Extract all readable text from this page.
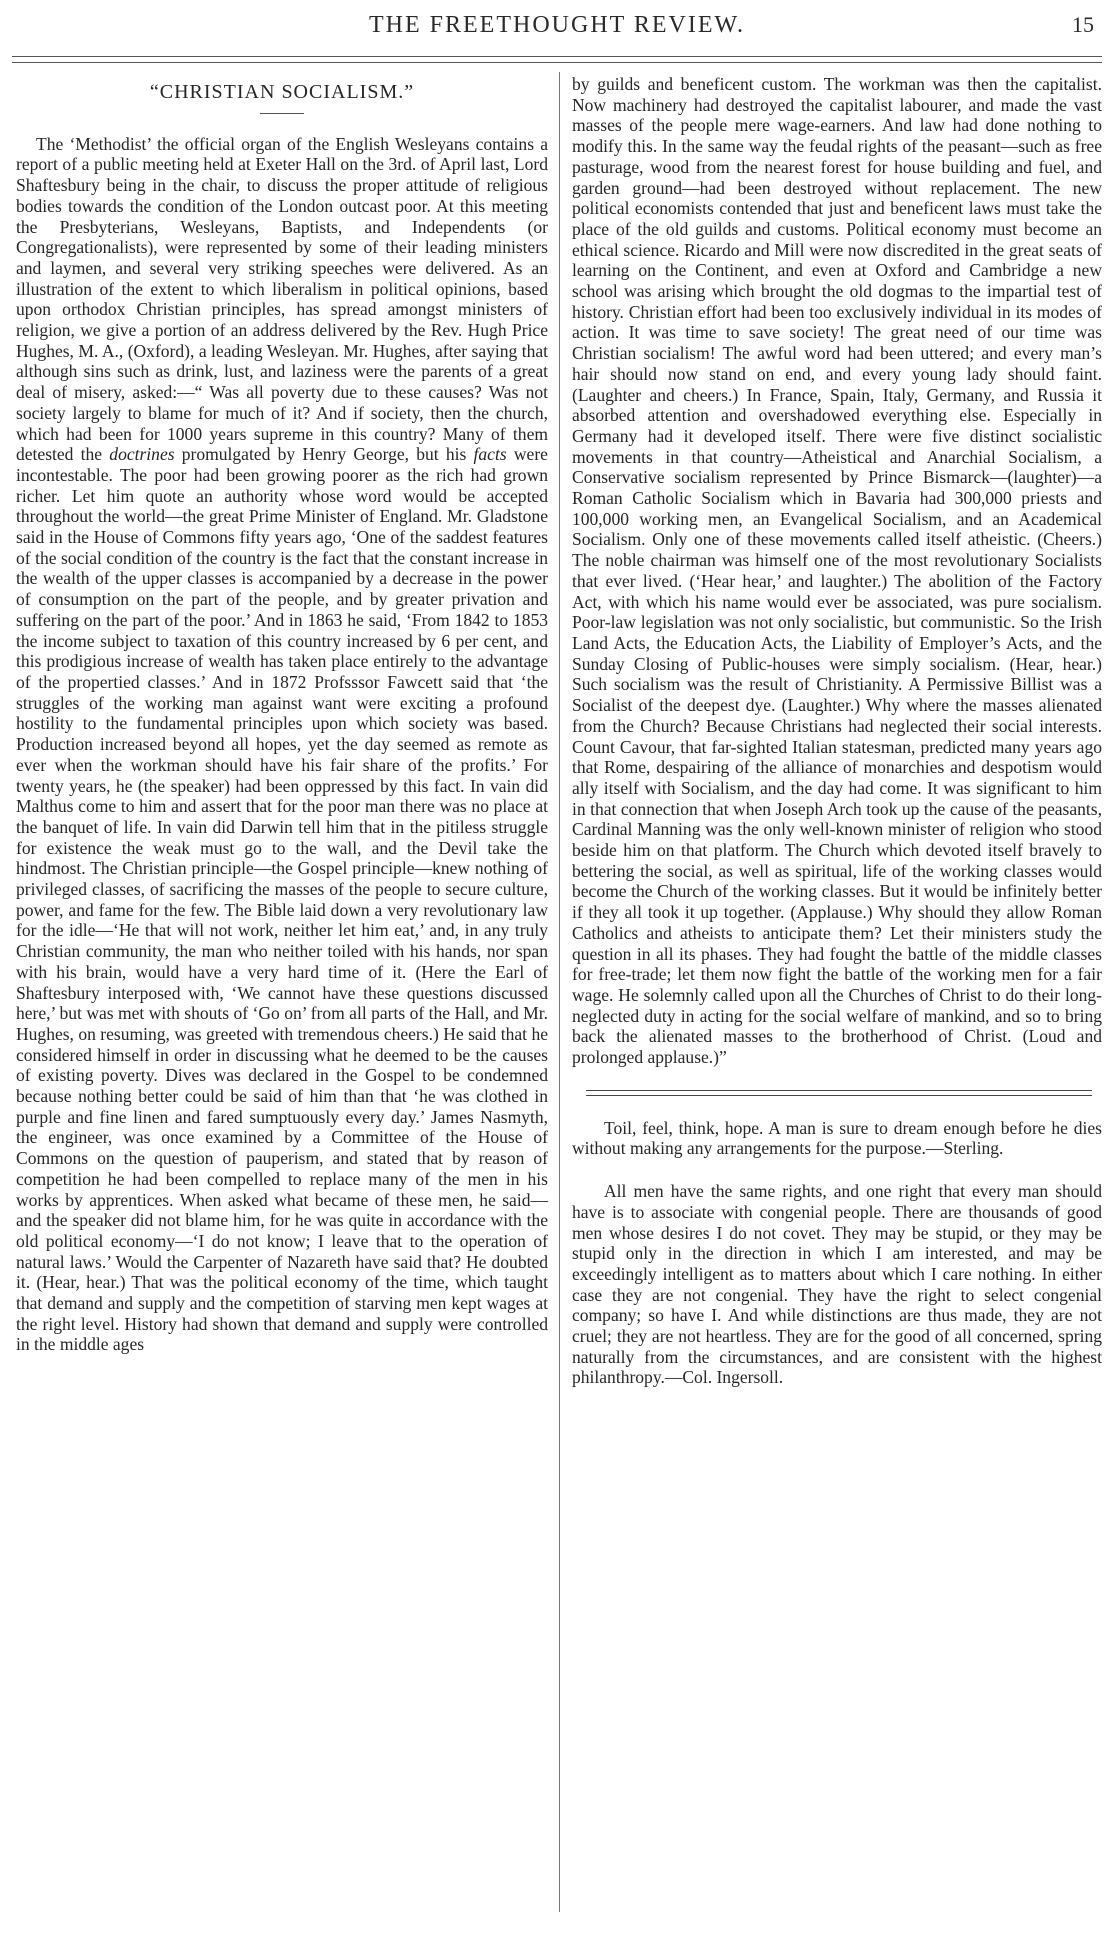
THE FREETHOUGHT REVIEW.	15
“CHRISTIAN SOCIALISM.”

The ‘Methodist’ the official organ of the English Wesleyans contains a report of a public meeting held at Exeter Hall on the 3rd. of April last, Lord Shaftesbury being in the chair, to discuss the proper attitude of religious bodies towards the condition of the London outcast poor. At this meeting the Presbyterians, Wesleyans, Baptists, and Independents (or Congregationalists), were represented by some of their leading ministers and laymen, and several very striking speeches were delivered. As an illustration of the extent to which liberalism in political opinions, based upon orthodox Christian principles, has spread amongst ministers of religion, we give a portion of an address delivered by the Rev. Hugh Price Hughes, M. A., (Oxford), a leading Wesleyan. Mr. Hughes, after saying that although sins such as drink, lust, and laziness were the parents of a great deal of misery, asked:—“ Was all poverty due to these causes? Was not society largely to blame for much of it? And if society, then the church, which had been for 1000 years supreme in this country? Many of them detested the doctrines promulgated by Henry George, but his facts were incontestable. The poor had been growing poorer as the rich had grown richer. Let him quote an authority whose word would be accepted throughout the world—the great Prime Minister of England. Mr. Gladstone said in the House of Commons fifty years ago, ‘One of the saddest features of the social condition of the country is the fact that the constant increase in the wealth of the upper classes is accompanied by a decrease in the power of consumption on the part of the people, and by greater privation and suffering on the part of the poor.’ And in 1863 he said, ‘From 1842 to 1853 the income subject to taxation of this country increased by 6 per cent, and this prodigious increase of wealth has taken place entirely to the advantage of the propertied classes.’ And in 1872 Profsssor Fawcett said that ‘the struggles of the working man against want were exciting a profound hostility to the fundamental principles upon which society was based. Production increased beyond all hopes, yet the day seemed as remote as ever when the workman should have his fair share of the profits.’ For twenty years, he (the speaker) had been oppressed by this fact. In vain did Malthus come to him and assert that for the poor man there was no place at the banquet of life. In vain did Darwin tell him that in the pitiless struggle for existence the weak must go to the wall, and the Devil take the hindmost. The Christian principle—the Gospel principle—knew nothing of privileged classes, of sacrificing the masses of the people to secure culture, power, and fame for the few. The Bible laid down a very revolutionary law for the idle—‘He that will not work, neither let him eat,’ and, in any truly Christian community, the man who neither toiled with his hands, nor span with his brain, would have a very hard time of it. (Here the Earl of Shaftesbury interposed with, ‘We cannot have these questions discussed here,’ but was met with shouts of ‘Go on’ from all parts of the Hall, and Mr. Hughes, on resuming, was greeted with tremendous cheers.) He said that he considered himself in order in discussing what he deemed to be the causes of existing poverty. Dives was declared in the Gospel to be condemned because nothing better could be said of him than that ‘he was clothed in purple and fine linen and fared sumptuously every day.’ James Nasmyth, the engineer, was once examined by a Committee of the House of Commons on the question of pauperism, and stated that by reason of competition he had been compelled to replace many of the men in his works by apprentices. When asked what became of these men, he said—and the speaker did not blame him, for he was quite in accordance with the old political economy—‘I do not know; I leave that to the operation of natural laws.’ Would the Carpenter of Nazareth have said that? He doubted it. (Hear, hear.) That was the political economy of the time, which taught that demand and supply and the competition of starving men kept wages at the right level. History had shown that demand and supply were controlled in the middle ages

by guilds and beneficent custom. The workman was then the capitalist. Now machinery had destroyed the capitalist labourer, and made the vast masses of the people mere wage-earners. And law had done nothing to modify this. In the same way the feudal rights of the peasant—such as free pasturage, wood from the nearest forest for house building and fuel, and garden ground—had been destroyed without replacement. The new political economists contended that just and beneficent laws must take the place of the old guilds and customs. Political economy must become an ethical science. Ricardo and Mill were now discredited in the great seats of learning on the Continent, and even at Oxford and Cambridge a new school was arising which brought the old dogmas to the impartial test of history. Christian effort had been too exclusively individual in its modes of action. It was time to save society! The great need of our time was Christian socialism! The awful word had been uttered; and every man’s hair should now stand on end, and every young lady should faint. (Laughter and cheers.) In France, Spain, Italy, Germany, and Russia it absorbed attention and overshadowed everything else. Especially in Germany had it developed itself. There were five distinct socialistic movements in that country—Atheistical and Anarchial Socialism, a Conservative socialism represented by Prince Bismarck—(laughter)—a Roman Catholic Socialism which in Bavaria had 300,000 priests and 100,000 working men, an Evangelical Socialism, and an Academical Socialism. Only one of these movements called itself atheistic. (Cheers.) The noble chairman was himself one of the most revolutionary Socialists that ever lived. (‘Hear hear,’ and laughter.) The abolition of the Factory Act, with which his name would ever be associated, was pure socialism. Poor-law legislation was not only socialistic, but communistic. So the Irish Land Acts, the Education Acts, the Liability of Employer’s Acts, and the Sunday Closing of Public-houses were simply socialism. (Hear, hear.) Such socialism was the result of Christianity. A Permissive Billist was a Socialist of the deepest dye. (Laughter.) Why where the masses alienated from the Church? Because Christians had neglected their social interests. Count Cavour, that far-sighted Italian statesman, predicted many years ago that Rome, despairing of the alliance of monarchies and despotism would ally itself with Socialism, and the day had come. It was significant to him in that connection that when Joseph Arch took up the cause of the peasants, Cardinal Manning was the only well-known minister of religion who stood beside him on that platform. The Church which devoted itself bravely to bettering the social, as well as spiritual, life of the working classes would become the Church of the working classes. But it would be infinitely better if they all took it up together. (Applause.) Why should they allow Roman Catholics and atheists to anticipate them? Let their ministers study the question in all its phases. They had fought the battle of the middle classes for free-trade; let them now fight the battle of the working men for a fair wage. He solemnly called upon all the Churches of Christ to do their long-neglected duty in acting for the social welfare of mankind, and so to bring back the alienated masses to the brotherhood of Christ. (Loud and prolonged applause.)”

Toil, feel, think, hope. A man is sure to dream enough before he dies without making any arrangements for the purpose.—Sterling.

All men have the same rights, and one right that every man should have is to associate with congenial people. There are thousands of good men whose desires I do not covet. They may be stupid, or they may be stupid only in the direction in which I am interested, and may be exceedingly intelligent as to matters about which I care nothing. In either case they are not congenial. They have the right to select congenial company; so have I. And while distinctions are thus made, they are not cruel; they are not heartless. They are for the good of all concerned, spring naturally from the circumstances, and are consistent with the highest philanthropy.—Col. Ingersoll.
